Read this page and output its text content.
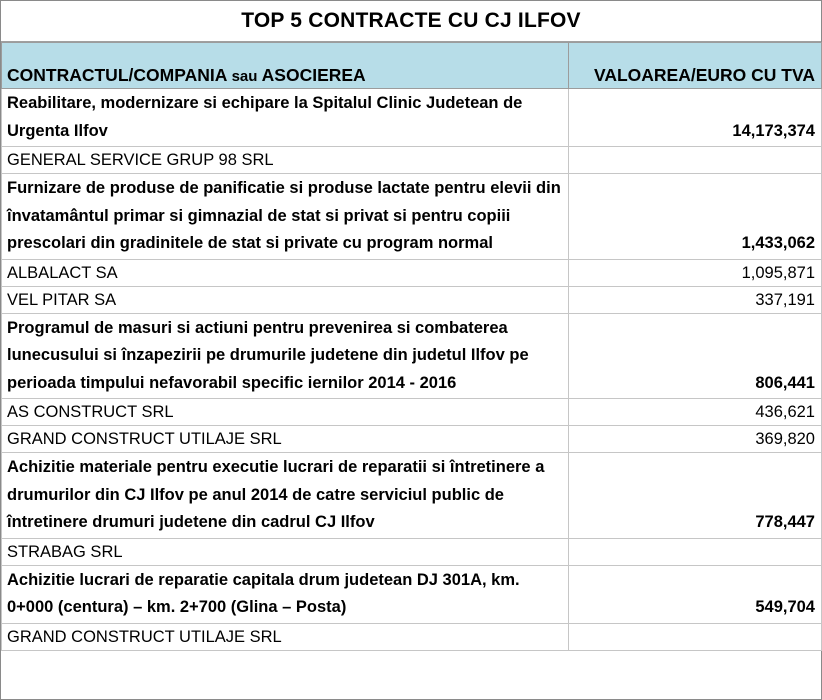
TOP 5 CONTRACTE CU CJ ILFOV
CONTRACTUL/COMPANIA sau ASOCIEREA	VALOAREA/EURO CU TVA
Reabilitare, modernizare si echipare la Spitalul Clinic Judetean de Urgenta Ilfov	14,173,374
GENERAL SERVICE GRUP 98 SRL	
Furnizare de produse de panificatie si produse lactate pentru elevii din învatamântul primar si gimnazial de stat si privat si pentru copiii prescolari din gradinitele de stat si private cu program normal	1,433,062
ALBALACT SA	1,095,871
VEL PITAR SA	337,191
Programul de masuri si actiuni pentru prevenirea si combaterea lunecusului si înzapezirii pe drumurile judetene din judetul Ilfov pe perioada timpului nefavorabil specific iernilor 2014 - 2016	806,441
AS CONSTRUCT SRL	436,621
GRAND CONSTRUCT UTILAJE SRL	369,820
Achizitie materiale pentru executie lucrari de reparatii si întretinere a drumurilor din CJ Ilfov pe anul 2014 de catre serviciul public de întretinere drumuri judetene din cadrul CJ Ilfov	778,447
STRABAG SRL	
Achizitie lucrari de reparatie capitala drum judetean DJ 301A, km. 0+000 (centura) – km. 2+700 (Glina – Posta)	549,704
GRAND CONSTRUCT UTILAJE SRL	
